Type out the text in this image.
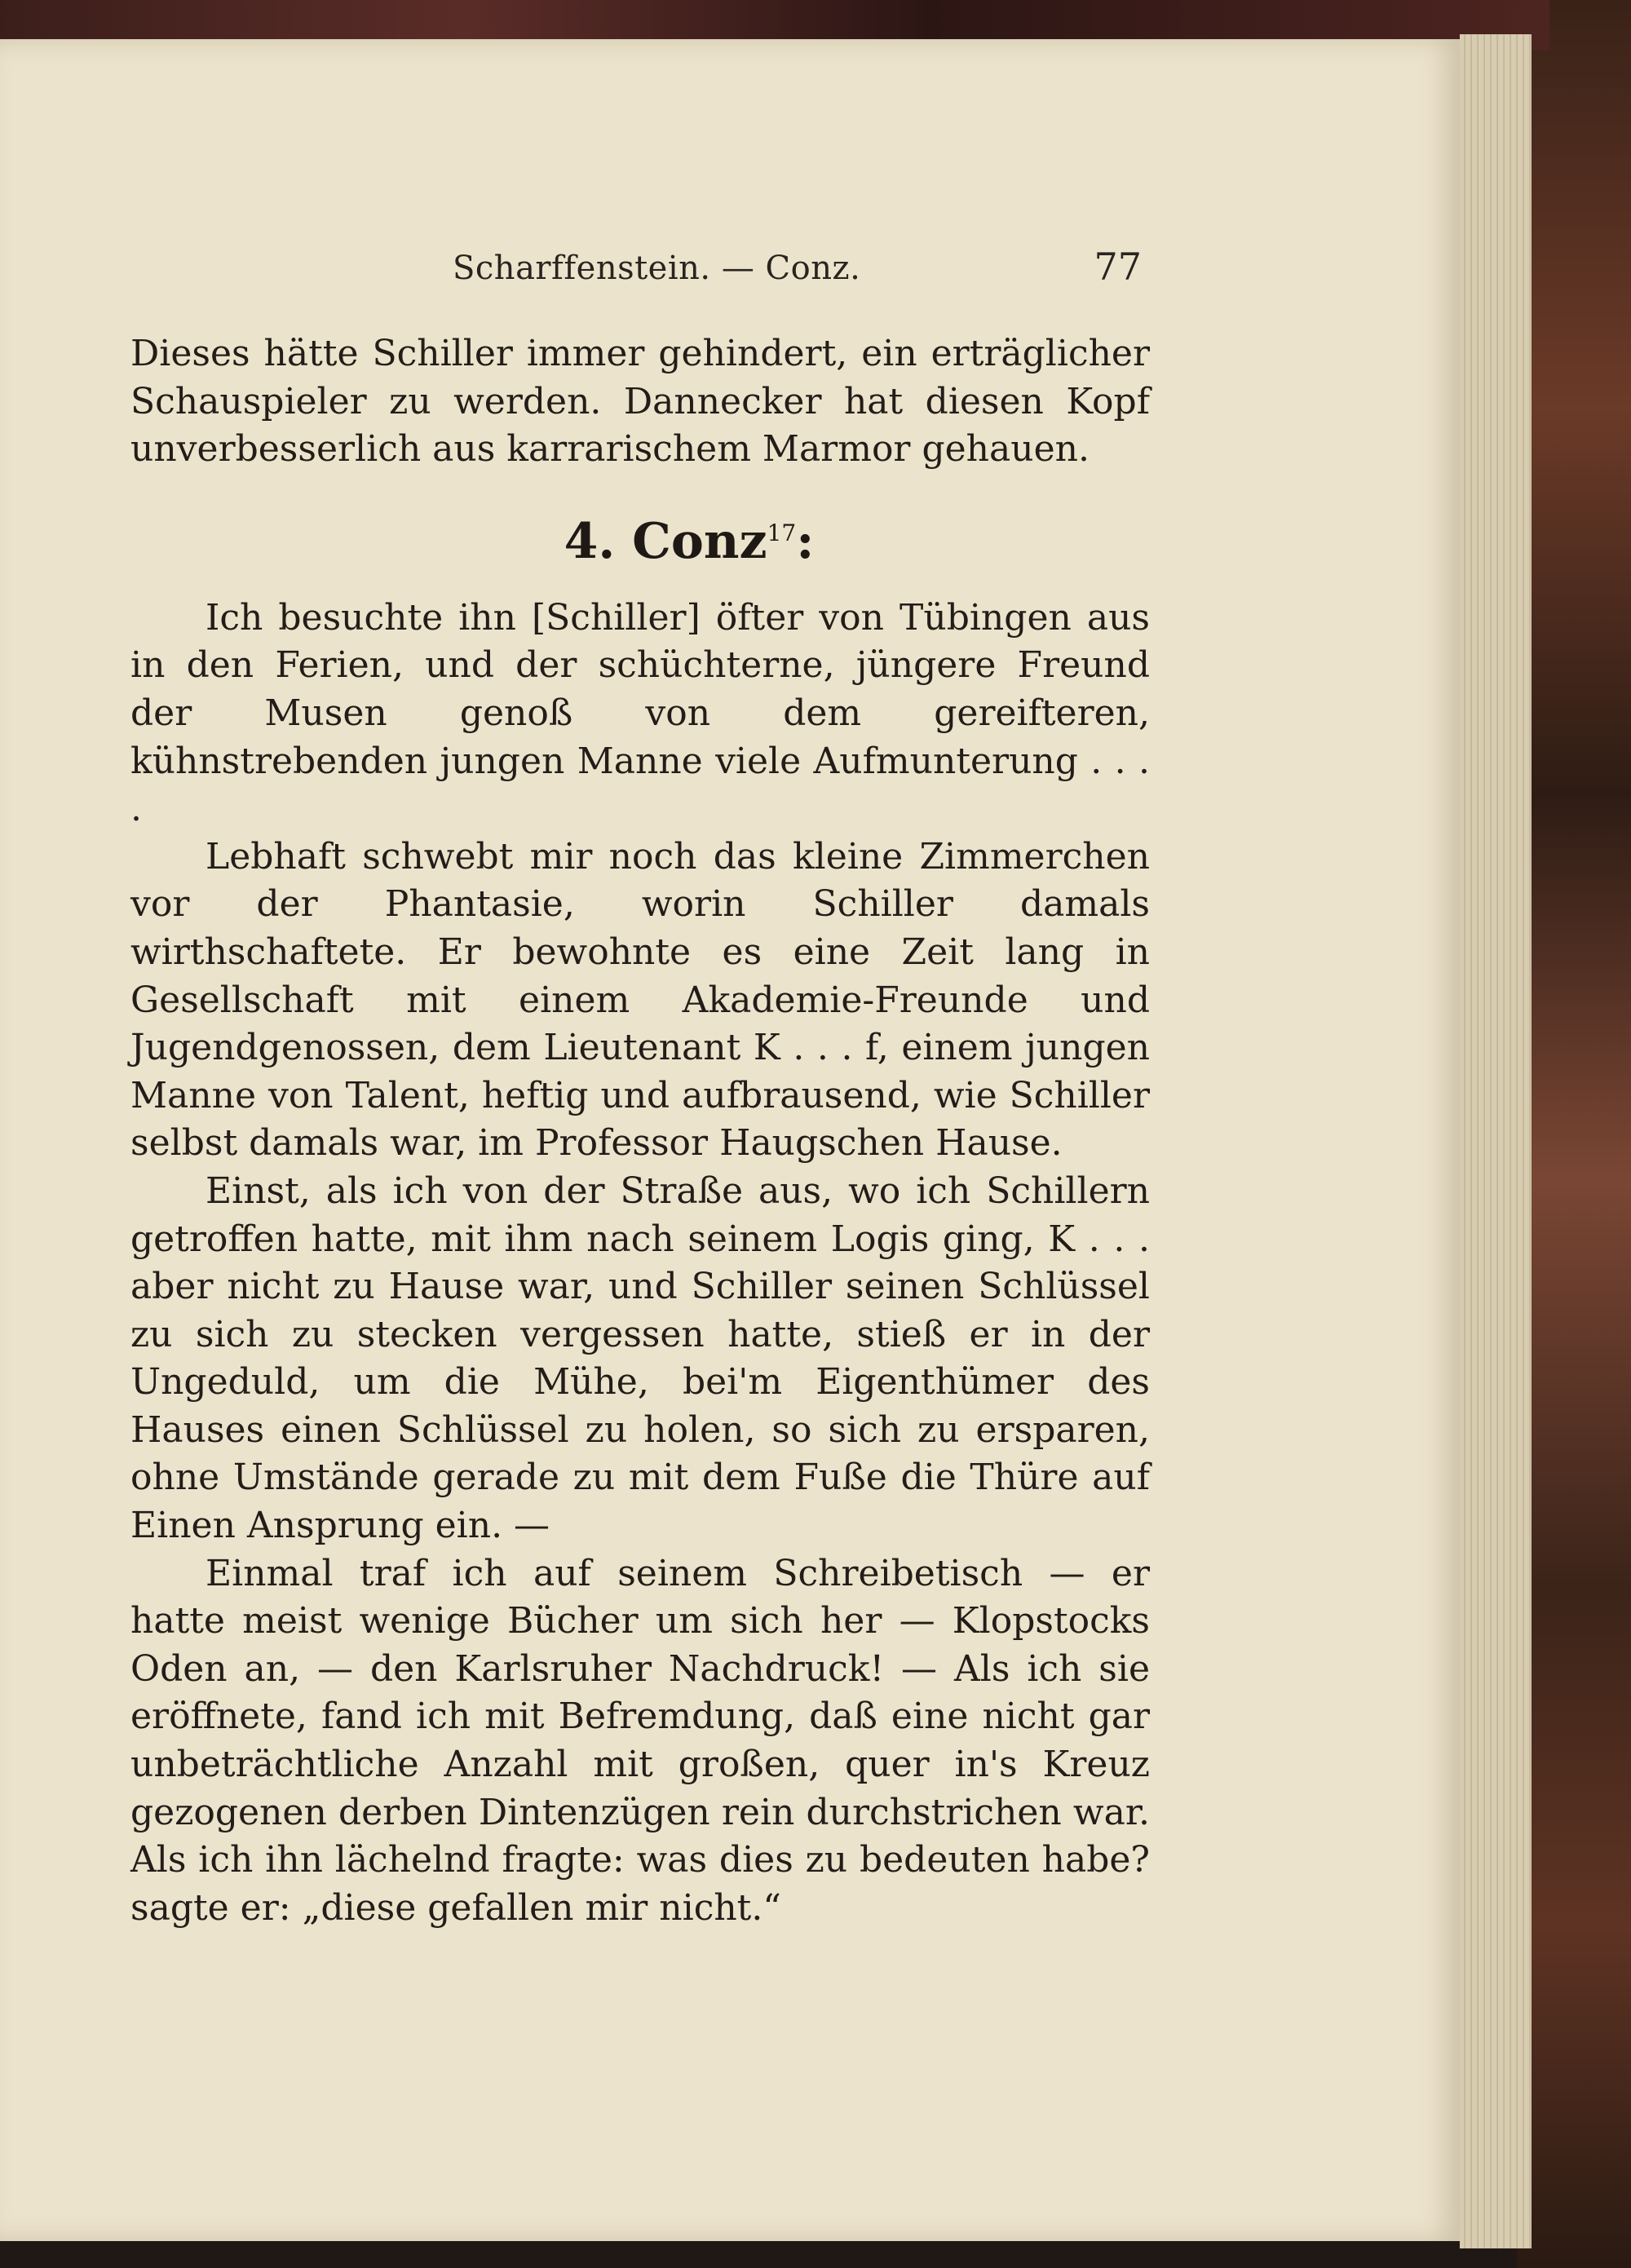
Scharffenstein. — Conz.	77

Dieses hätte Schiller immer gehindert, ein erträglicher Schauspieler zu werden. Dannecker hat diesen Kopf unverbesserlich aus karrarischem Marmor gehauen.

4. Conz$^{17}$:

Ich besuchte ihn [Schiller] öfter von Tübingen aus in den Ferien, und der schüchterne, jüngere Freund der Musen genoß von dem gereifteren, kühnstrebenden jungen Manne viele Aufmunterung . . . .

Lebhaft schwebt mir noch das kleine Zimmerchen vor der Phantasie, worin Schiller damals wirthschaftete. Er bewohnte es eine Zeit lang in Gesellschaft mit einem Akademie-Freunde und Jugendgenossen, dem Lieutenant K . . . f, einem jungen Manne von Talent, heftig und aufbrausend, wie Schiller selbst damals war, im Professor Haugschen Hause.

Einst, als ich von der Straße aus, wo ich Schillern getroffen hatte, mit ihm nach seinem Logis ging, K . . . aber nicht zu Hause war, und Schiller seinen Schlüssel zu sich zu stecken vergessen hatte, stieß er in der Ungeduld, um die Mühe, bei'm Eigenthümer des Hauses einen Schlüssel zu holen, so sich zu ersparen, ohne Umstände gerade zu mit dem Fuße die Thüre auf Einen Ansprung ein. —

Einmal traf ich auf seinem Schreibetisch — er hatte meist wenige Bücher um sich her — Klopstocks Oden an, — den Karlsruher Nachdruck! — Als ich sie eröffnete, fand ich mit Befremdung, daß eine nicht gar unbeträchtliche Anzahl mit großen, quer in's Kreuz gezogenen derben Dintenzügen rein durchstrichen war. Als ich ihn lächelnd fragte: was dies zu bedeuten habe? sagte er: „diese gefallen mir nicht.“
